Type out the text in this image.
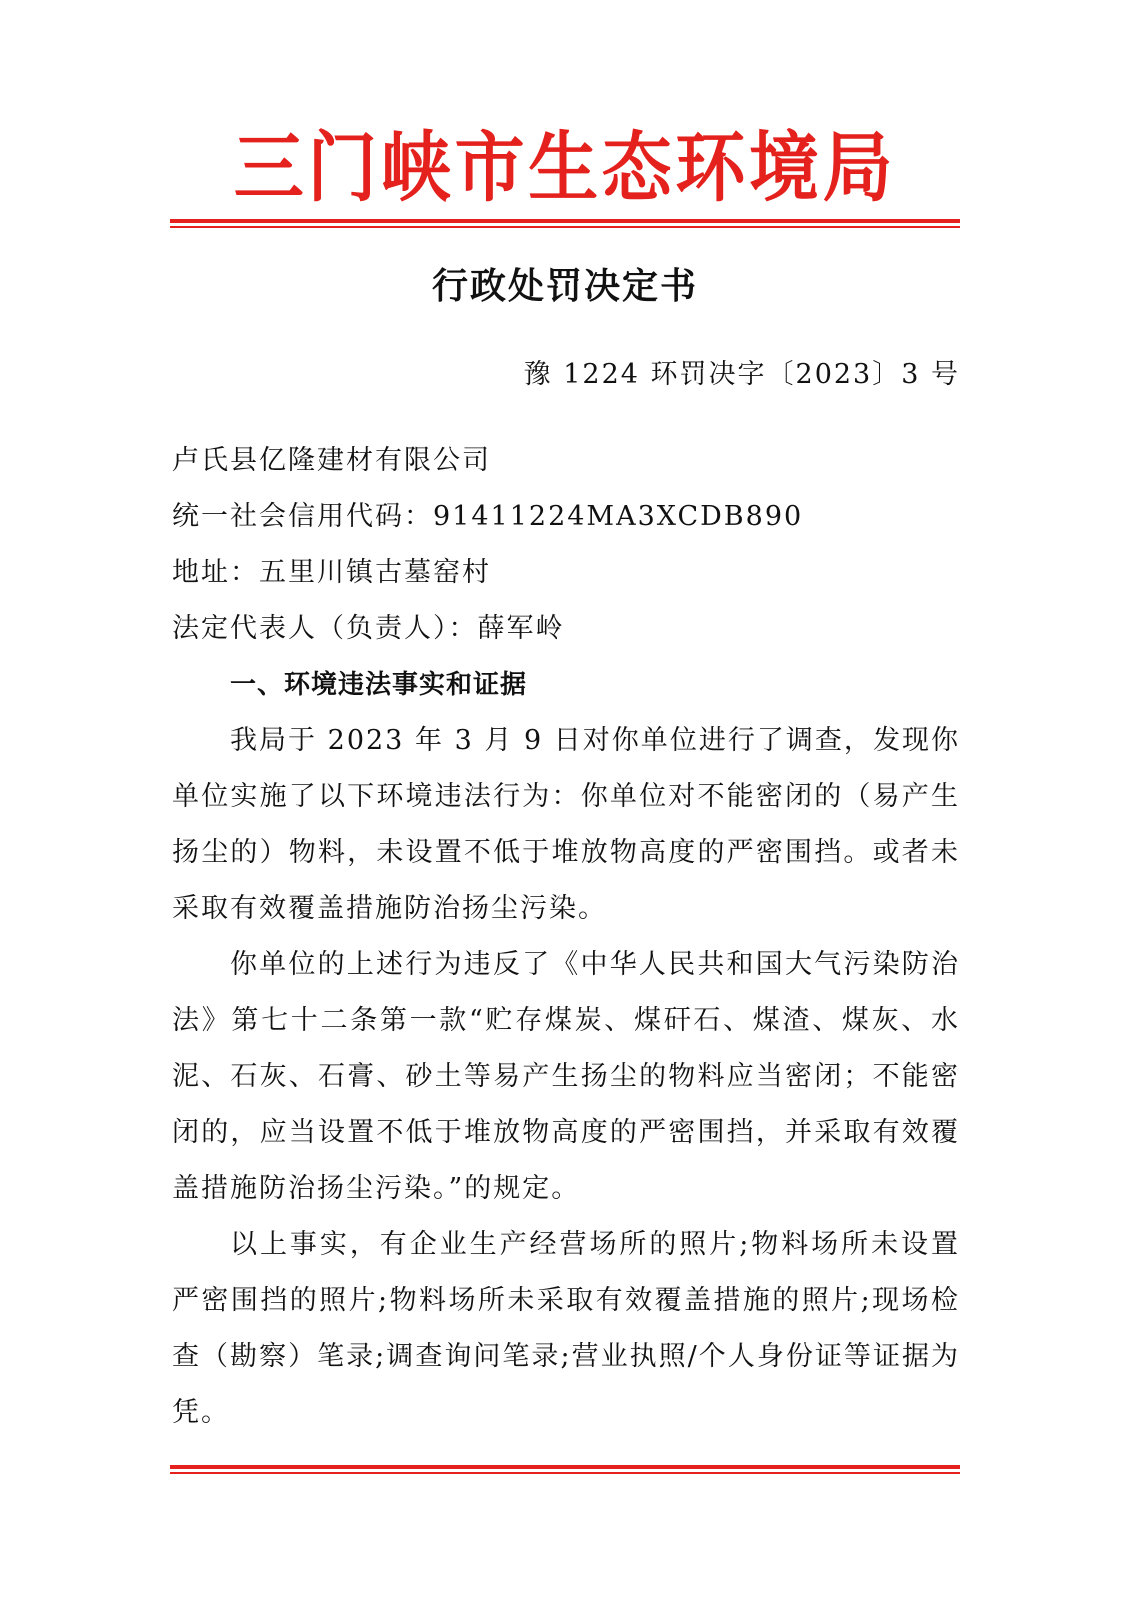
三门峡市生态环境局
行政处罚决定书
豫 1224 环罚决字〔2023〕3 号
卢氏县亿隆建材有限公司
统一社会信用代码：91411224MA3XCDB890
地址：五里川镇古墓窑村
法定代表人（负责人）：薛军岭
一、环境违法事实和证据

我局于 2023 年 3 月 9 日对你单位进行了调查，发现你单位实施了以下环境违法行为：你单位对不能密闭的（易产生扬尘的）物料，未设置不低于堆放物高度的严密围挡。或者未采取有效覆盖措施防治扬尘污染。

你单位的上述行为违反了《中华人民共和国大气污染防治法》第七十二条第一款“贮存煤炭、煤矸石、煤渣、煤灰、水泥、石灰、石膏、砂土等易产生扬尘的物料应当密闭；不能密闭的，应当设置不低于堆放物高度的严密围挡，并采取有效覆盖措施防治扬尘污染。”的规定。

以上事实，有企业生产经营场所的照片;物料场所未设置严密围挡的照片;物料场所未采取有效覆盖措施的照片;现场检查（勘察）笔录;调查询问笔录;营业执照/个人身份证等证据为凭。
